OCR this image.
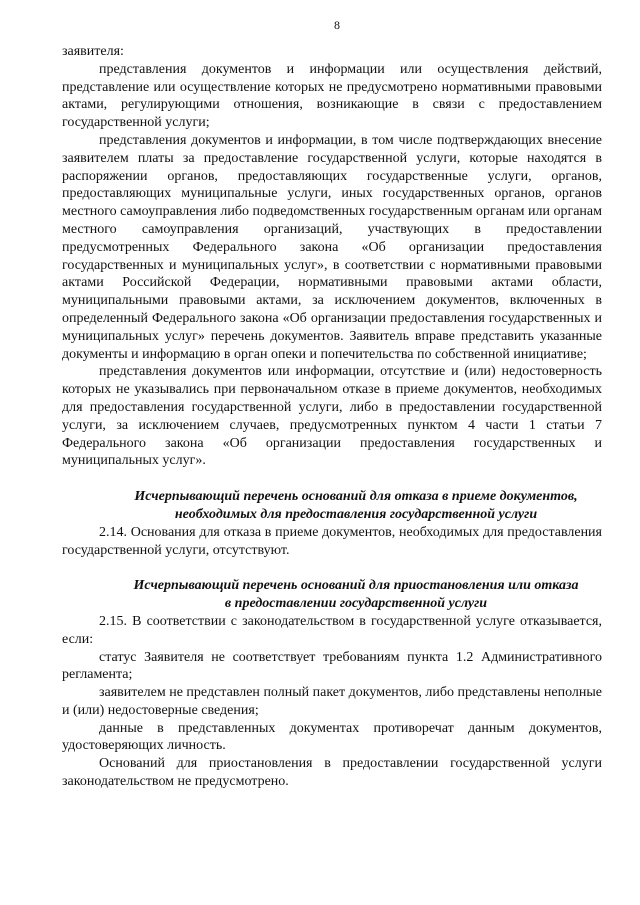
8

заявителя:

представления документов и информации или осуществления действий, представление или осуществление которых не предусмотрено нормативными правовыми актами, регулирующими отношения, возникающие в связи с предоставлением государственной услуги;

представления документов и информации, в том числе подтверждающих внесение заявителем платы за предоставление государственной услуги, которые находятся в распоряжении органов, предоставляющих государственные услуги, органов, предоставляющих муниципальные услуги, иных государственных органов, органов местного самоуправления либо подведомственных государственным органам или органам местного самоуправления организаций, участвующих в предоставлении предусмотренных Федерального закона «Об организации предоставления государственных и муниципальных услуг», в соответствии с нормативными правовыми актами Российской Федерации, нормативными правовыми актами области, муниципальными правовыми актами, за исключением документов, включенных в определенный Федерального закона «Об организации предоставления государственных и муниципальных услуг» перечень документов. Заявитель вправе представить указанные документы и информацию в орган опеки и попечительства по собственной инициативе;

представления документов или информации, отсутствие и (или) недостоверность которых не указывались при первоначальном отказе в приеме документов, необходимых для предоставления государственной услуги, либо в предоставлении государственной услуги, за исключением случаев, предусмотренных пунктом 4 части 1 статьи 7 Федерального закона «Об организации предоставления государственных и муниципальных услуг».

Исчерпывающий перечень оснований для отказа в приеме документов,
необходимых для предоставления государственной услуги

2.14. Основания для отказа в приеме документов, необходимых для предоставления государственной услуги, отсутствуют.

Исчерпывающий перечень оснований для приостановления или отказа
в предоставлении государственной услуги

2.15. В соответствии с законодательством в государственной услуге отказывается, если:

статус Заявителя не соответствует требованиям пункта 1.2 Административного регламента;

заявителем не представлен полный пакет документов, либо представлены неполные и (или) недостоверные сведения;

данные в представленных документах противоречат данным документов, удостоверяющих личность.

Оснований для приостановления в предоставлении государственной услуги законодательством не предусмотрено.
